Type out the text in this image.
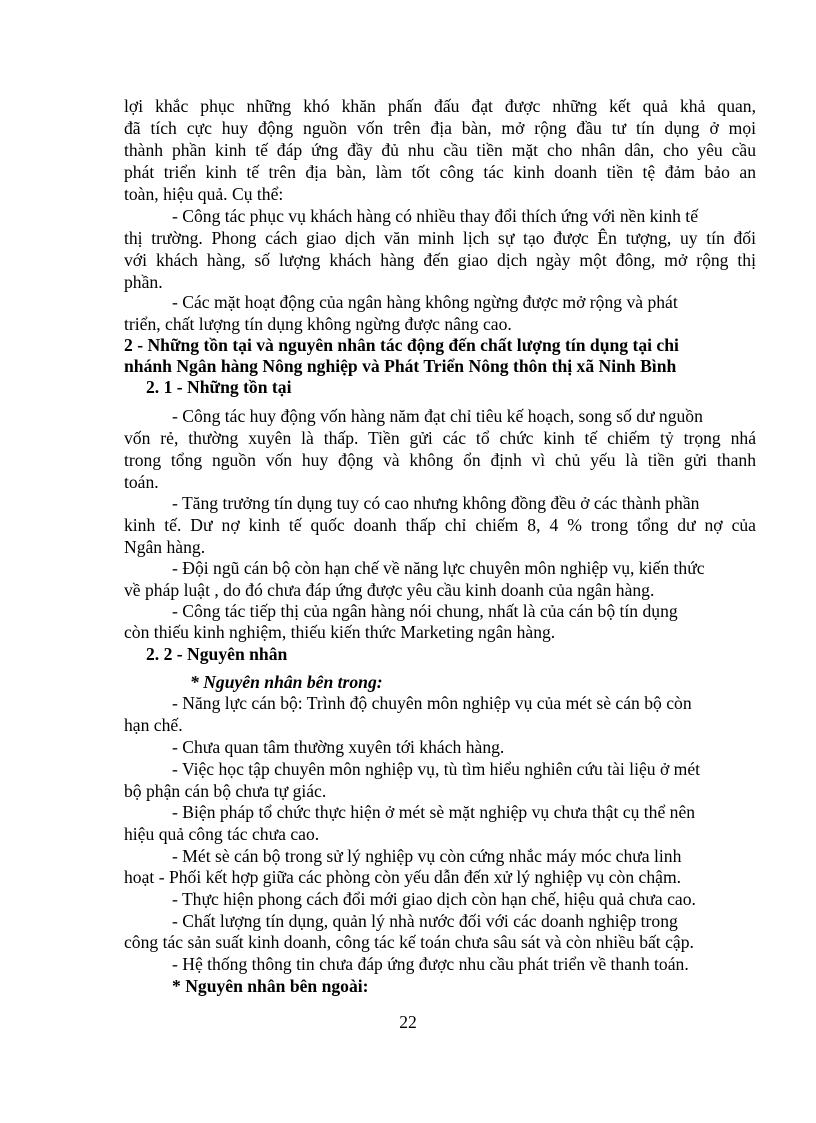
lợi khắc phục những khó khăn phấn đấu đạt được những kết quả khả quan,
đã tích cực huy động nguồn vốn trên địa bàn, mở rộng đầu tư tín dụng ở mọi
thành phần kinh tế đáp ứng đầy đủ nhu cầu tiền mặt cho nhân dân, cho yêu cầu
phát triển kinh tế trên địa bàn, làm tốt công tác kinh doanh tiền tệ đảm bảo an
toàn, hiệu quả. Cụ thể:
- Công tác phục vụ khách hàng có nhiều thay đổi thích ứng với nền kinh tế
thị trường. Phong cách giao dịch văn minh lịch sự tạo được Ên tượng, uy tín đối
với khách hàng, số lượng khách hàng đến giao dịch ngày một đông, mở rộng thị
phần.
- Các mặt hoạt động của ngân hàng không ngừng được mở rộng và phát
triển, chất lượng tín dụng không ngừng được nâng cao.
2 - Những tồn tại và nguyên nhân tác động đến chất lượng tín dụng tại chi
nhánh Ngân hàng Nông nghiệp và Phát Triển Nông thôn thị xã Ninh Bình
2. 1 - Những tồn tại
- Công tác huy động vốn hàng năm đạt chỉ tiêu kế hoạch, song số dư nguồn
vốn rẻ, thường xuyên là thấp. Tiền gửi các tổ chức kinh tế chiếm tỷ trọng nhá
trong tổng nguồn vốn huy động và không ổn định vì chủ yếu là tiền gửi thanh
toán.
- Tăng trưởng tín dụng tuy có cao nhưng không đồng đều ở các thành phần
kinh tế. Dư nợ kinh tế quốc doanh thấp chỉ chiếm 8, 4 % trong tổng dư nợ của
Ngân hàng.
- Đội ngũ cán bộ còn hạn chế về năng lực chuyên môn nghiệp vụ, kiến thức
về pháp luật , do đó chưa đáp ứng được yêu cầu kinh doanh của ngân hàng.
- Công tác tiếp thị của ngân hàng nói chung, nhất là của cán bộ tín dụng
còn thiếu kinh nghiệm, thiếu kiến thức Marketing ngân hàng.
2. 2 - Nguyên nhân
* Nguyên nhân bên trong:
- Năng lực cán bộ: Trình độ chuyên môn nghiệp vụ của mét sè cán bộ còn
hạn chế.
- Chưa quan tâm thường xuyên tới khách hàng.
- Việc học tập chuyên môn nghiệp vụ, tù tìm hiểu nghiên cứu tài liệu ở mét
bộ phận cán bộ chưa tự giác.
- Biện pháp tổ chức thực hiện ở mét sè mặt nghiệp vụ chưa thật cụ thể nên
hiệu quả công tác chưa cao.
- Mét sè cán bộ trong sử lý nghiệp vụ còn cứng nhắc máy móc chưa linh
hoạt - Phối kết hợp giữa các phòng còn yếu dẫn đến xử lý nghiệp vụ còn chậm.
- Thực hiện phong cách đổi mới giao dịch còn hạn chế, hiệu quả chưa cao.
- Chất lượng tín dụng, quản lý nhà nước đối với các doanh nghiệp trong
công tác sản suất kinh doanh, công tác kế toán chưa sâu sát và còn nhiều bất cập.
- Hệ thống thông tin chưa đáp ứng được nhu cầu phát triển về thanh toán.
* Nguyên nhân bên ngoài:
22
